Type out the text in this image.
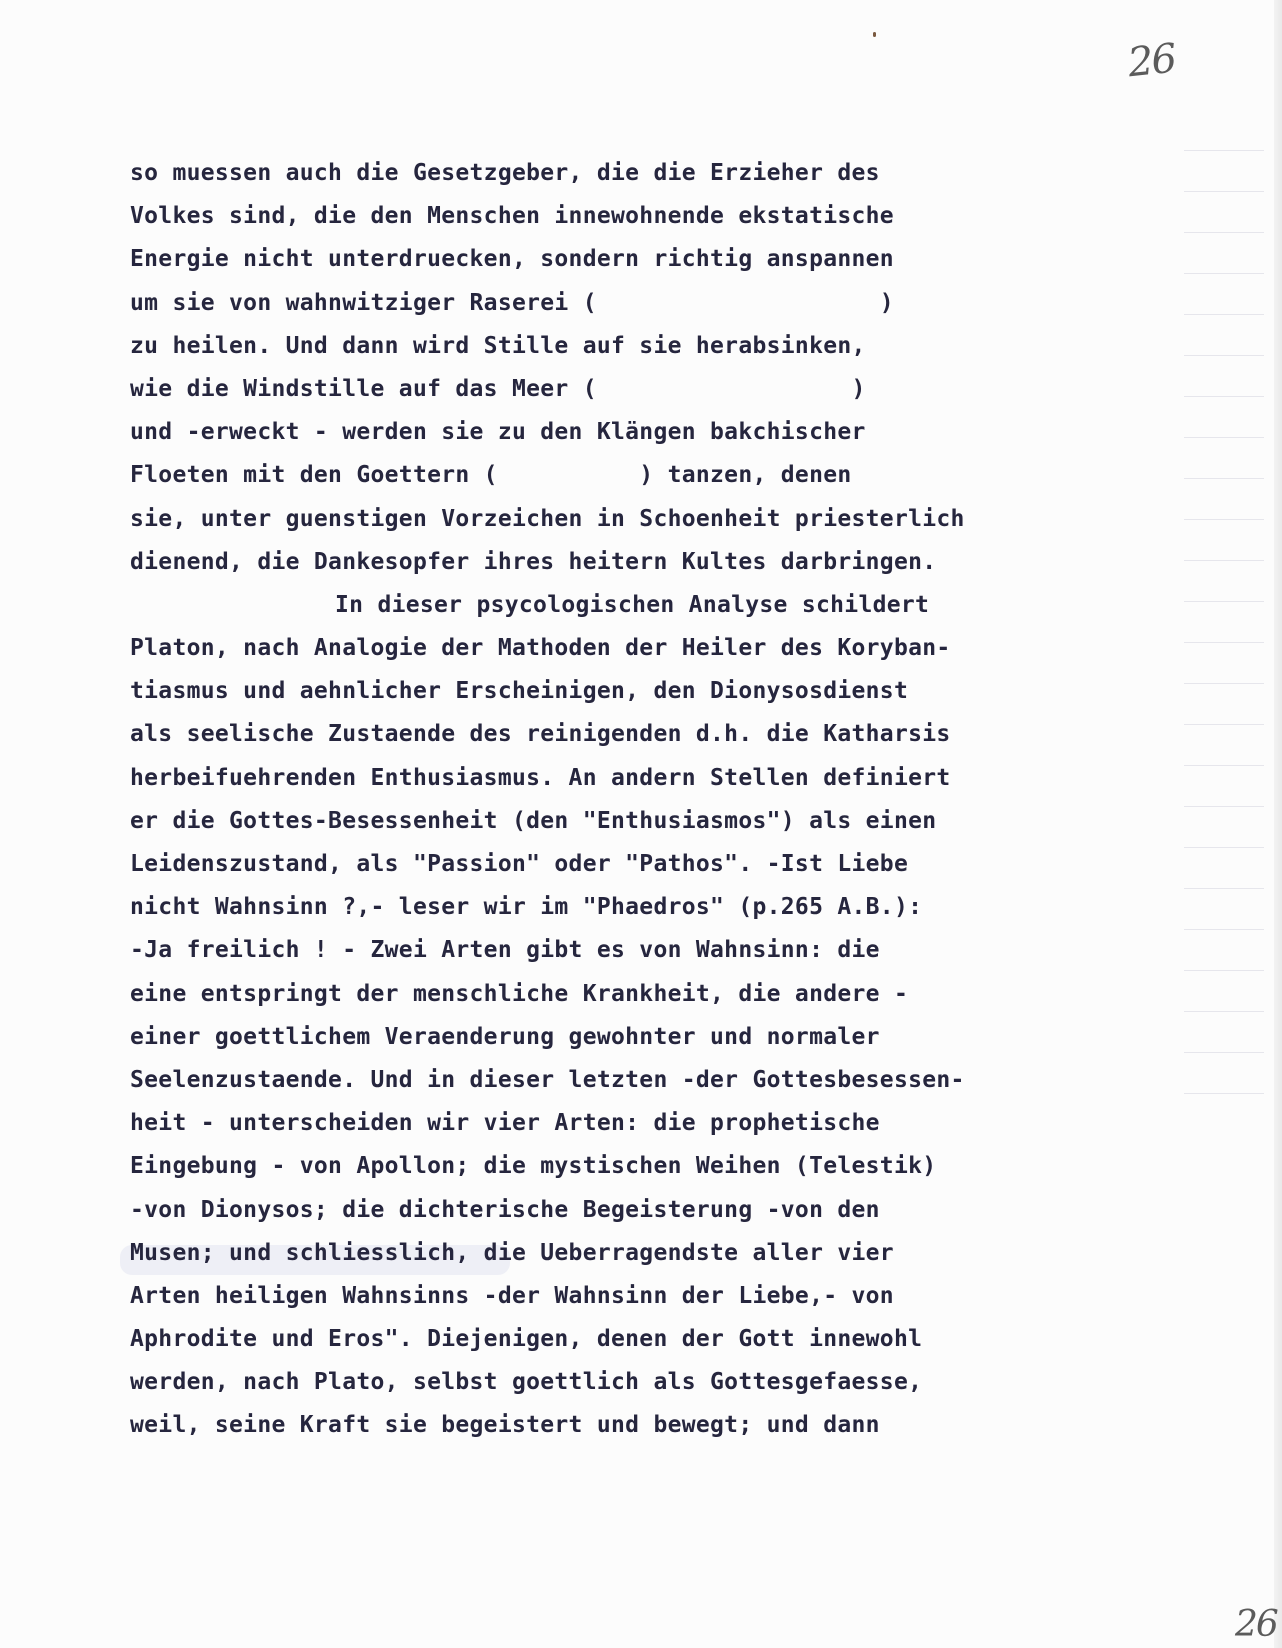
26
so muessen auch die Gesetzgeber, die die Erzieher des
Volkes sind, die den Menschen innewohnende ekstatische
Energie nicht unterdruecken, sondern richtig anspannen
um sie von wahnwitziger Raserei (                    )
zu heilen. Und dann wird Stille auf sie herabsinken,
wie die Windstille auf das Meer (                  )
und -erweckt - werden sie zu den Klängen bakchischer
Floeten mit den Goettern (          ) tanzen, denen
sie, unter guenstigen Vorzeichen in Schoenheit priesterlich
dienend, die Dankesopfer ihres heitern Kultes darbringen.
In dieser psycologischen Analyse schildert
Platon, nach Analogie der Mathoden der Heiler des Koryban-
tiasmus und aehnlicher Erscheinigen, den Dionysosdienst
als seelische Zustaende des reinigenden d.h. die Katharsis
herbeifuehrenden Enthusiasmus. An andern Stellen definiert
er die Gottes-Besessenheit (den "Enthusiasmos") als einen
Leidenszustand, als "Passion" oder "Pathos". -Ist Liebe
nicht Wahnsinn ?,- leser wir im "Phaedros" (p.265 A.B.):
-Ja freilich ! - Zwei Arten gibt es von Wahnsinn: die
eine entspringt der menschliche Krankheit, die andere -
einer goettlichem Veraenderung gewohnter und normaler
Seelenzustaende. Und in dieser letzten -der Gottesbesessen-
heit - unterscheiden wir vier Arten: die prophetische
Eingebung - von Apollon; die mystischen Weihen (Telestik)
-von Dionysos; die dichterische Begeisterung -von den
Musen; und schliesslich, die Ueberragendste aller vier
Arten heiligen Wahnsinns -der Wahnsinn der Liebe,- von
Aphrodite und Eros". Diejenigen, denen der Gott innewohl
werden, nach Plato, selbst goettlich als Gottesgefaesse,
weil, seine Kraft sie begeistert und bewegt; und dann
26
